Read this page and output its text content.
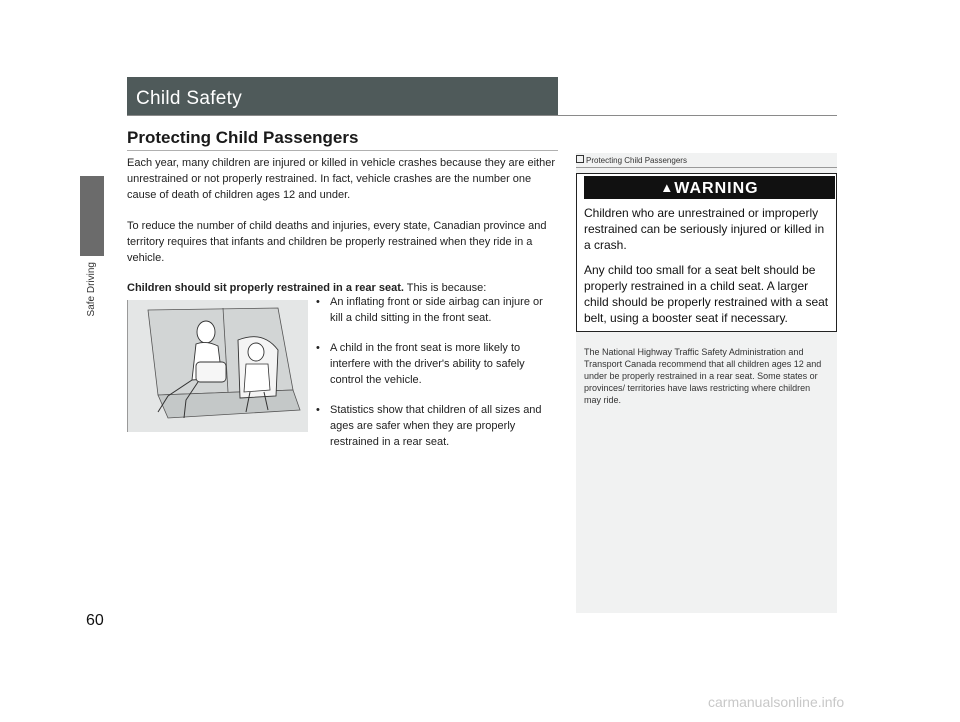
Safe Driving
Child Safety
Protecting Child Passengers

Each year, many children are injured or killed in vehicle crashes because they are either unrestrained or not properly restrained. In fact, vehicle crashes are the number one cause of death of children ages 12 and under.

To reduce the number of child deaths and injuries, every state, Canadian province and territory requires that infants and children be properly restrained when they ride in a vehicle.

Children should sit properly restrained in a rear seat. This is because:

• An inflating front or side airbag can injure or kill a child sitting in the front seat.
• A child in the front seat is more likely to interfere with the driver's ability to safely control the vehicle.
• Statistics show that children of all sizes and ages are safer when they are properly restrained in a rear seat.
Protecting Child Passengers
▲WARNING

Children who are unrestrained or improperly restrained can be seriously injured or killed in a crash.

Any child too small for a seat belt should be properly restrained in a child seat. A larger child should be properly restrained with a seat belt, using a booster seat if necessary.

The National Highway Traffic Safety Administration and Transport Canada recommend that all children ages 12 and under be properly restrained in a rear seat. Some states or provinces/ territories have laws restricting where children may ride.

60
carmanualsonline.info
